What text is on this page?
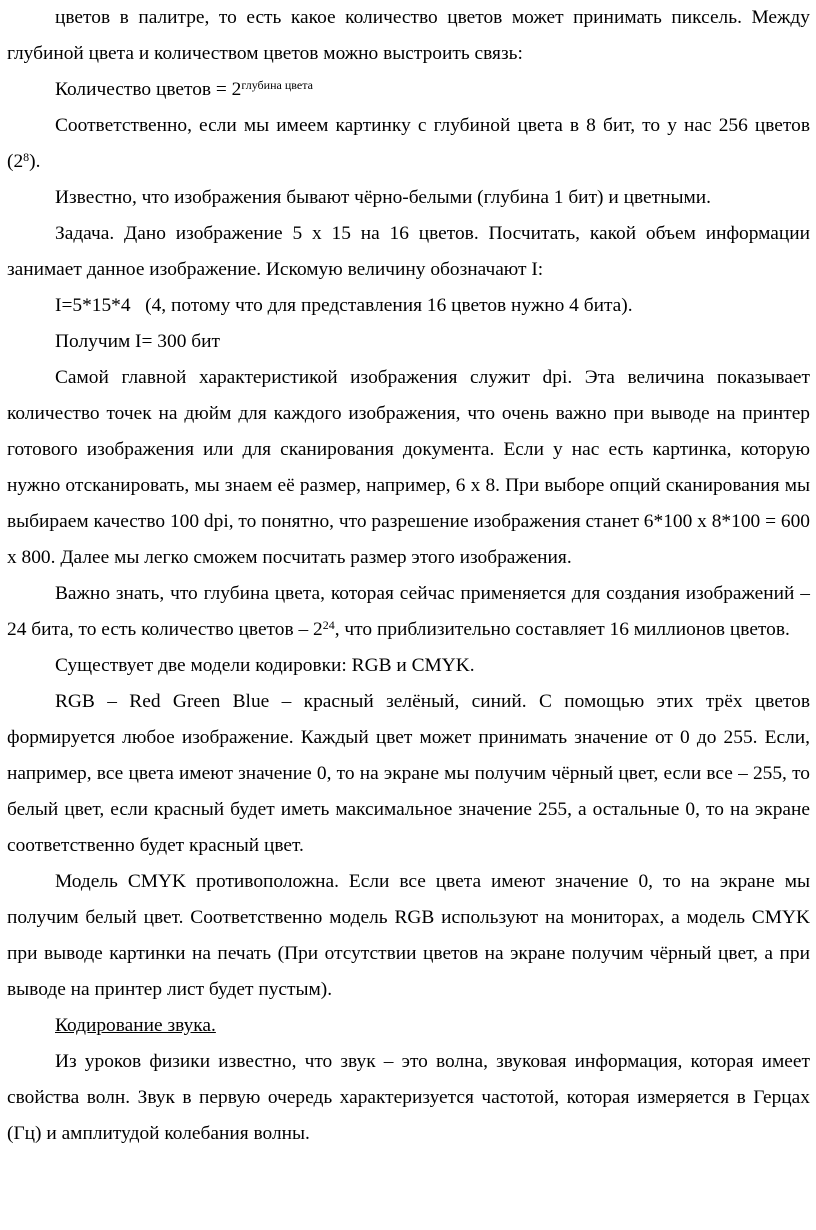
цветов в палитре, то есть какое количество цветов может принимать пиксель. Между глубиной цвета и количеством цветов можно выстроить связь:

Количество цветов = $2^{глубина цвета}$

Соответственно, если мы имеем картинку с глубиной цвета в 8 бит, то у нас 256 цветов $(2^8)$.

Известно, что изображения бывают чёрно-белыми (глубина 1 бит) и цветными.

Задача. Дано изображение 5 х 15 на 16 цветов. Посчитать, какой объем информации занимает данное изображение. Искомую величину обозначают I:

I=5*15*4   (4, потому что для представления 16 цветов нужно 4 бита).

Получим I= 300 бит

Самой главной характеристикой изображения служит dpi. Эта величина показывает количество точек на дюйм для каждого изображения, что очень важно при выводе на принтер готового изображения или для сканирования документа. Если у нас есть картинка, которую нужно отсканировать, мы знаем её размер, например, 6 х 8. При выборе опций сканирования мы выбираем качество 100 dpi, то понятно, что разрешение изображения станет 6*100 х 8*100 = 600 х 800. Далее мы легко сможем посчитать размер этого изображения.

Важно знать, что глубина цвета, которая сейчас применяется для создания изображений – 24 бита, то есть количество цветов – $2^{24}$, что приблизительно составляет 16 миллионов цветов.

Существует две модели кодировки: RGB и CMYK.

RGB – Red Green Blue – красный зелёный, синий. С помощью этих трёх цветов формируется любое изображение. Каждый цвет может принимать значение от 0 до 255. Если, например, все цвета имеют значение 0, то на экране мы получим чёрный цвет, если все – 255, то белый цвет, если красный будет иметь максимальное значение 255, а остальные 0, то на экране соответственно будет красный цвет.

Модель CMYK противоположна. Если все цвета имеют значение 0, то на экране мы получим белый цвет. Соответственно модель RGB используют на мониторах, а модель CMYK при выводе картинки на печать (При отсутствии цветов на экране получим чёрный цвет, а при выводе на принтер лист будет пустым).

Кодирование звука.

Из уроков физики известно, что звук – это волна, звуковая информация, которая имеет свойства волн. Звук в первую очередь характеризуется частотой, которая измеряется в Герцах (Гц) и амплитудой колебания волны.
